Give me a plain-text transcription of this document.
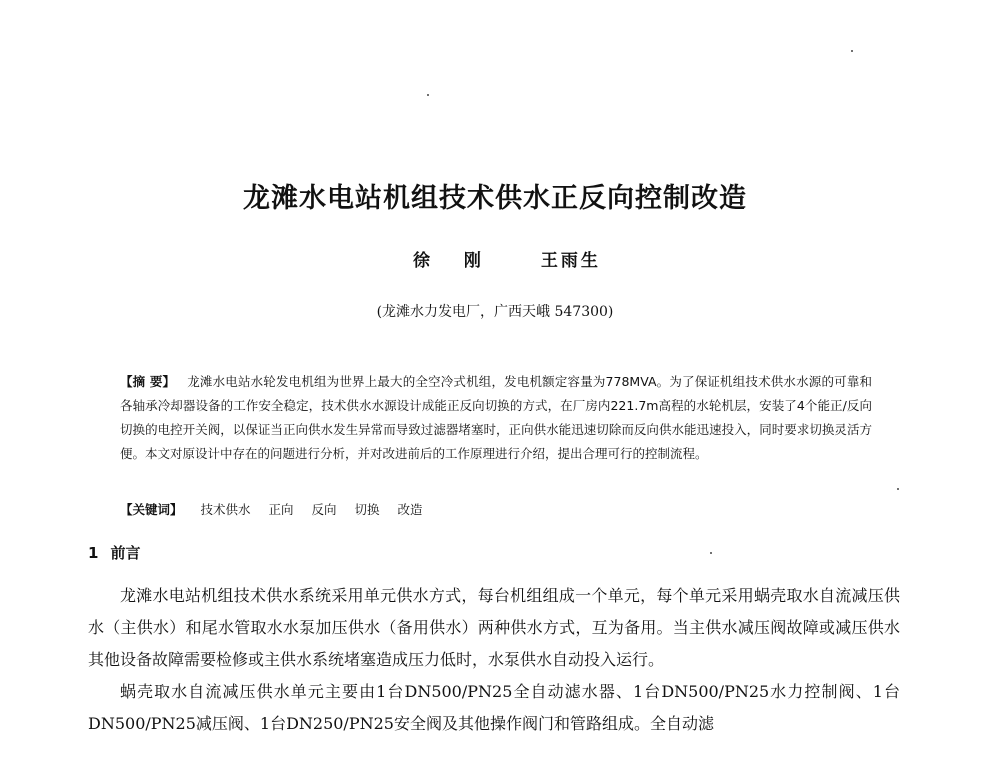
龙滩水电站机组技术供水正反向控制改造
徐 刚	王雨生
(龙滩水力发电厂，广西天峨 547300)
【摘 要】 龙滩水电站水轮发电机组为世界上最大的全空冷式机组，发电机额定容量为778MVA。为了保证机组技术供水水源的可靠和各轴承冷却器设备的工作安全稳定，技术供水水源设计成能正反向切换的方式，在厂房内221.7m高程的水轮机层，安装了4个能正/反向切换的电控开关阀，以保证当正向供水发生异常而导致过滤器堵塞时，正向供水能迅速切除而反向供水能迅速投入，同时要求切换灵活方便。本文对原设计中存在的问题进行分析，并对改进前后的工作原理进行介绍，提出合理可行的控制流程。
【关键词】 技术供水 正向 反向 切换 改造
1 前言

龙滩水电站机组技术供水系统采用单元供水方式，每台机组组成一个单元，每个单元采用蜗壳取水自流减压供水（主供水）和尾水管取水水泵加压供水（备用供水）两种供水方式，互为备用。当主供水减压阀故障或减压供水其他设备故障需要检修或主供水系统堵塞造成压力低时，水泵供水自动投入运行。

蜗壳取水自流减压供水单元主要由1台DN500/PN25全自动滤水器、1台DN500/PN25水力控制阀、1台DN500/PN25减压阀、1台DN250/PN25安全阀及其他操作阀门和管路组成。全自动滤
